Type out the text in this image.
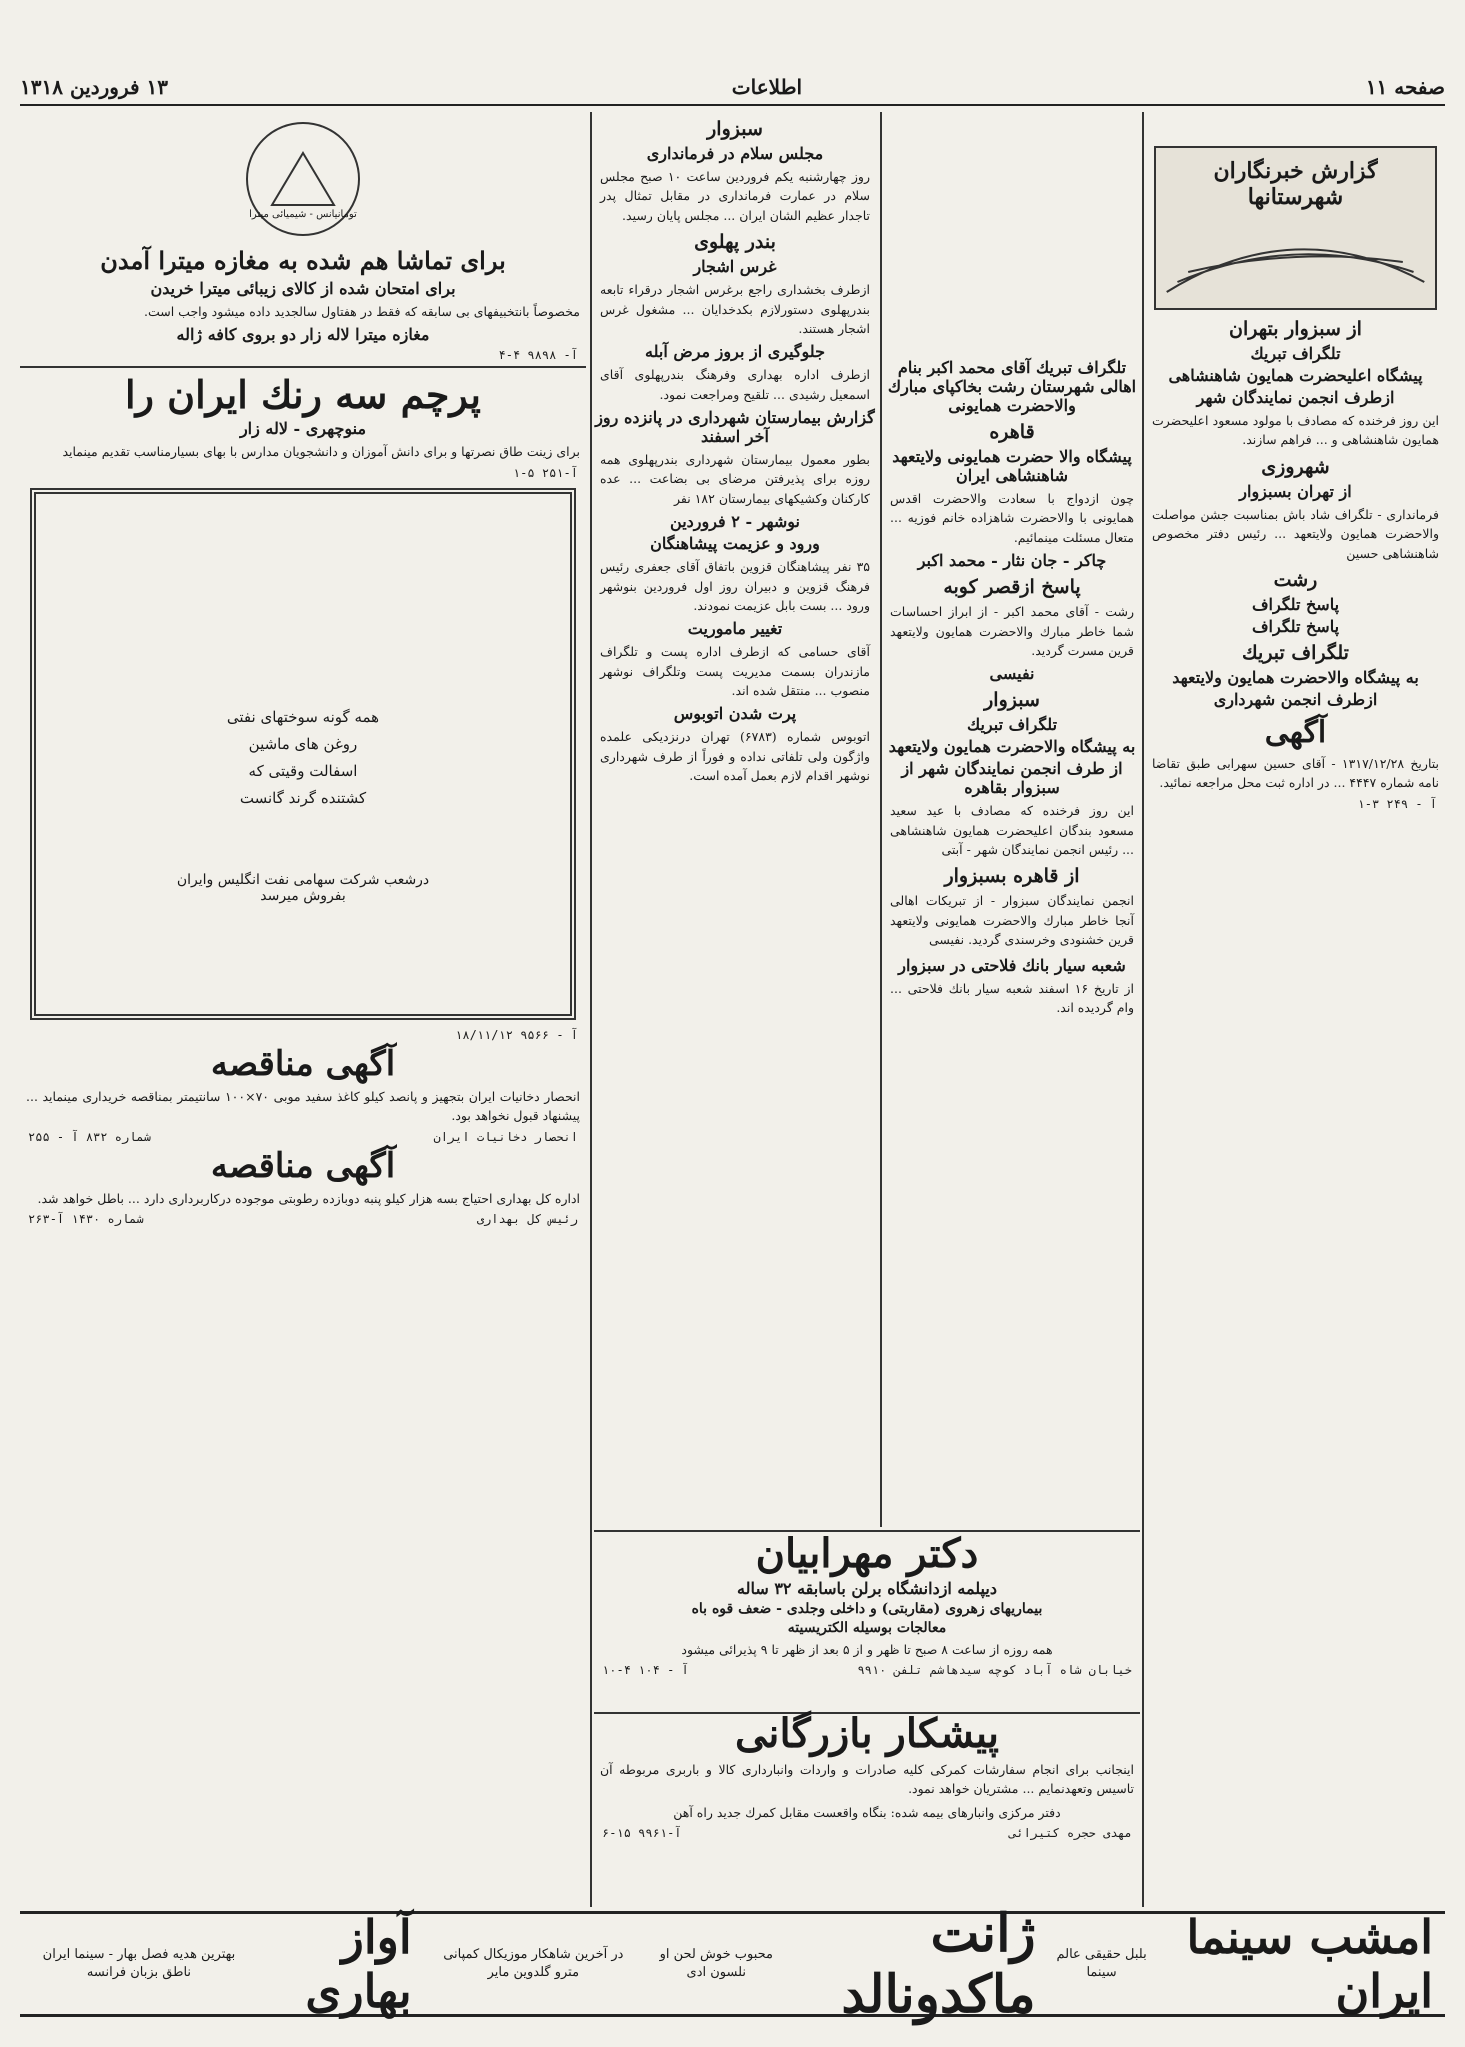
صفحه ۱۱
اطلاعات
۱۳ فروردین ۱۳۱۸
گزارش خبرنگاران شهرستانها
از سبزوار بتهران
تلگراف تبریك
پیشگاه اعلیحضرت همایون شاهنشاهی
ازطرف انجمن نمایندگان شهر
این روز فرخنده که مصادف با مولود مسعود اعلیحضرت همایون شاهنشاهی و ... فراهم سازند.
شهروزی
از تهران بسبزوار
فرمانداری - تلگراف شاد باش بمناسبت جشن مواصلت والاحضرت همایون ولایتعهد ... رئیس دفتر مخصوص شاهنشاهی حسین
رشت
پاسخ تلگراف
پاسخ تلگراف
تلگراف تبریك
به پیشگاه والاحضرت همایون ولایتعهد
ازطرف انجمن شهرداری
آگهی
بتاریخ ۱۳۱۷/۱۲/۲۸ - آقای حسین سهرابی طبق تقاضا نامه شماره ۴۴۴۷ ... در اداره ثبت محل مراجعه نمائید.
آ - ۲۴۹ ۳-۱
تلگراف تبریك آقای محمد اکبر بنام اهالی شهرستان رشت بخاکپای مبارك والاحضرت همایونی
قاهره
پیشگاه والا حضرت همایونی ولایتعهد شاهنشاهی ایران
چون ازدواج با سعادت والاحضرت اقدس همایونی با والاحضرت شاهزاده خانم فوزیه ... متعال مسئلت مینمائیم.
چاکر - جان نثار - محمد اکبر
پاسخ ازقصر کوبه
رشت - آقای محمد اکبر - از ابراز احساسات شما خاطر مبارك والاحضرت همایون ولایتعهد قرین مسرت گردید.
نفیسی
سبزوار
تلگراف تبریك
به پیشگاه والاحضرت همایون ولایتعهد
از طرف انجمن نمایندگان شهر از سبزوار بقاهره
این روز فرخنده که مصادف با عید سعید مسعود بندگان اعلیحضرت همایون شاهنشاهی ... رئیس انجمن نمایندگان شهر - آبتی
از قاهره بسبزوار
انجمن نمایندگان سبزوار - از تبریکات اهالی آنجا خاطر مبارك والاحضرت همایونی ولایتعهد قرین خشنودی وخرسندی گردید. نفیسی
شعبه سیار بانك فلاحتی در سبزوار
از تاریخ ۱۶ اسفند شعبه سیار بانك فلاحتی ... وام گردیده اند.
سبزوار
مجلس سلام در فرمانداری
روز چهارشنبه یکم فروردین ساعت ۱۰ صبح مجلس سلام در عمارت فرمانداری در مقابل تمثال پدر تاجدار عظیم الشان ایران ... مجلس پایان رسید.
بندر پهلوی
غرس اشجار
ازطرف بخشداری راجع برغرس اشجار درقراء تابعه بندرپهلوی دستورلازم بکدخدایان ... مشغول غرس اشجار هستند.
جلوگیری از بروز مرض آبله
ازطرف اداره بهداری وفرهنگ بندرپهلوی آقای اسمعیل رشیدی ... تلقیح ومراجعت نمود.
گزارش بیمارستان شهرداری در پانزده روز آخر اسفند
بطور معمول بیمارستان شهرداری بندرپهلوی همه روزه برای پذیرفتن مرضای بی بضاعت ... عده کارکنان وکشیکهای بیمارستان ۱۸۲ نفر
نوشهر - ۲ فروردین
ورود و عزیمت پیشاهنگان
۳۵ نفر پیشاهنگان قزوین باتفاق آقای جعفری رئیس فرهنگ قزوین و دبیران روز اول فروردین بنوشهر ورود ... بست بابل عزیمت نمودند.
تغییر ماموریت
آقای حسامی که ازطرف اداره پست و تلگراف مازندران بسمت مدیریت پست وتلگراف نوشهر منصوب ... منتقل شده اند.
پرت شدن اتوبوس
اتوبوس شماره (۶۷۸۳) تهران درنزدیکی علمده واژگون ولی تلفاتی نداده و فوراً از طرف شهرداری نوشهر اقدام لازم بعمل آمده است.
تومانیانس - شیمیائی میترا
برای تماشا هم شده به مغازه میترا آمدن
برای امتحان شده از کالای زیبائی میترا خریدن
مخصوصاً بانتخبیفهای بی سابقه که فقط در هفتاول سالجدید داده میشود واجب است.
مغازه میترا لاله زار دو بروی کافه ژاله
آ- ۹۸۹۸ ۴-۴
پرچم سه رنك ایران را
منوچهری - لاله زار
برای زینت طاق نصرتها و برای دانش آموزان و دانشجویان مدارس با بهای بسیارمناسب تقدیم مینماید
آ-۲۵۱ ۵-۱
همه گونه سوختهای نفتی
روغن های ماشین
اسفالت وقیتی که
کشتنده گرند گانست
درشعب شرکت سهامی نفت انگلیس وایران
بفروش میرسد
آ - ۹۵۶۶ ۱۸/۱۱/۱۲
آگهی مناقصه
انحصار دخانیات ایران بتجهیز و پانصد کیلو کاغذ سفید موبی ۷۰×۱۰۰ سانتیمتر بمناقصه خریداری مینماید ... پیشنهاد قبول نخواهد بود.
انحصار دخانیات ایران
شماره ۸۳۲ آ - ۲۵۵
آگهی مناقصه
اداره کل بهداری احتیاج بسه هزار کیلو پنبه دوبازده رطوبتی موجوده درکاربرداری دارد ... باطل خواهد شد.
رئیس کل بهداری
شماره ۱۴۳۰ آ-۲۶۳
دکتر مهرابیان
دیپلمه ازدانشگاه برلن باسابقه ۳۲ ساله
بیماریهای زهروی (مقاربتی) و داخلی وجلدی - ضعف قوه باه
معالجات بوسیله الکتریسیته
همه روزه از ساعت ۸ صبح تا ظهر و از ۵ بعد از ظهر تا ۹ پذیرائی میشود
خیابان شاه آباد کوچه سیدهاشم تلفن ۹۹۱۰
آ - ۱۰۴ ۴-۱۰
پیشکار بازرگانی
اینجانب برای انجام سفارشات کمرکی کلیه صادرات و واردات وانبارداری کالا و باربری مربوطه آن تاسیس وتعهدنمایم ... مشتریان خواهد نمود.
دفتر مرکزی وانبارهای بیمه شده: بنگاه واقعست مقابل کمرك جدید راه آهن
مهدی حجره کتیرائی
آ-۹۹۶۱ ۱۵-۶
امشب سینما ایران
بلبل حقیقی عالم سینما
ژانت ماکدونالد
محبوب خوش لحن او نلسون ادی
در آخرین شاهکار موزیکال کمپانی مترو گلدوین مایر
آواز بهاری
بهترین هدیه فصل بهار - سینما ایران ناطق بزبان فرانسه
